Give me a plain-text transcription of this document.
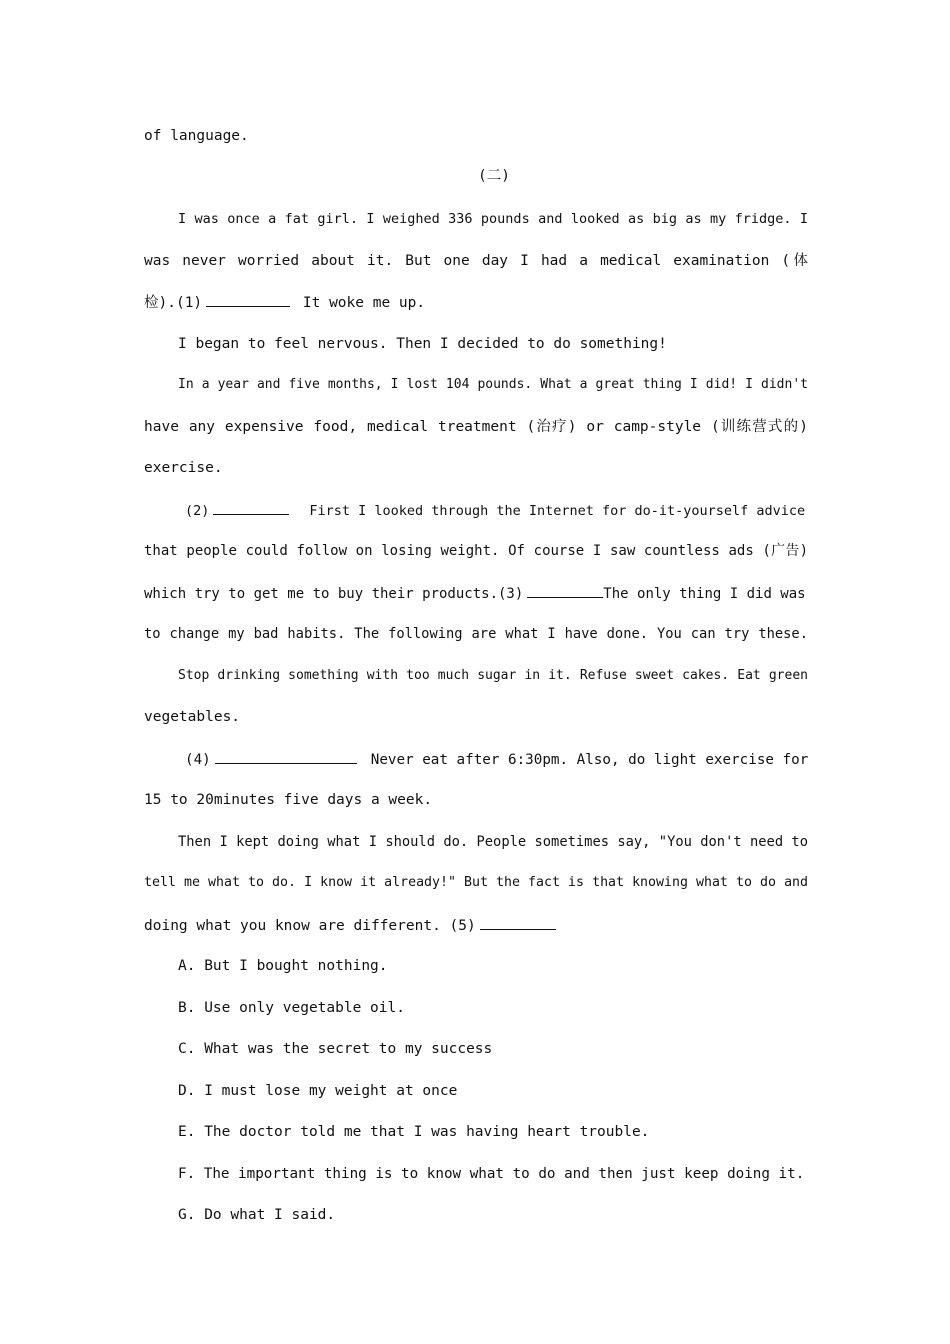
of language.
(二)
I was once a fat girl. I weighed 336 pounds and looked as big as my fridge. I
was never worried about it. But one day I had a medical examination (体
检).(1)	It woke me up.
I began to feel nervous. Then I decided to do something!
In a year and five months, I lost 104 pounds. What a great thing I did! I didn't
have any expensive food, medical treatment (治疗) or camp-style (训练营式的)
exercise.
(2)	First I looked through the Internet for do-it-yourself advice
that people could follow on losing weight. Of course I saw countless ads (广告)
which try to get me to buy their products.(3)	The only thing I did was
to change my bad habits. The following are what I have done. You can try these.
Stop drinking something with too much sugar in it. Refuse sweet cakes. Eat green
vegetables.
(4)	Never eat after 6:30pm. Also, do light exercise for
15 to 20minutes five days a week.
Then I kept doing what I should do. People sometimes say, "You don't need to
tell me what to do. I know it already!" But the fact is that knowing what to do and
doing what you know are different. (5)
A. But I bought nothing.
B. Use only vegetable oil.
C. What was the secret to my success
D. I must lose my weight at once
E. The doctor told me that I was having heart trouble.
F. The important thing is to know what to do and then just keep doing it.
G. Do what I said.
